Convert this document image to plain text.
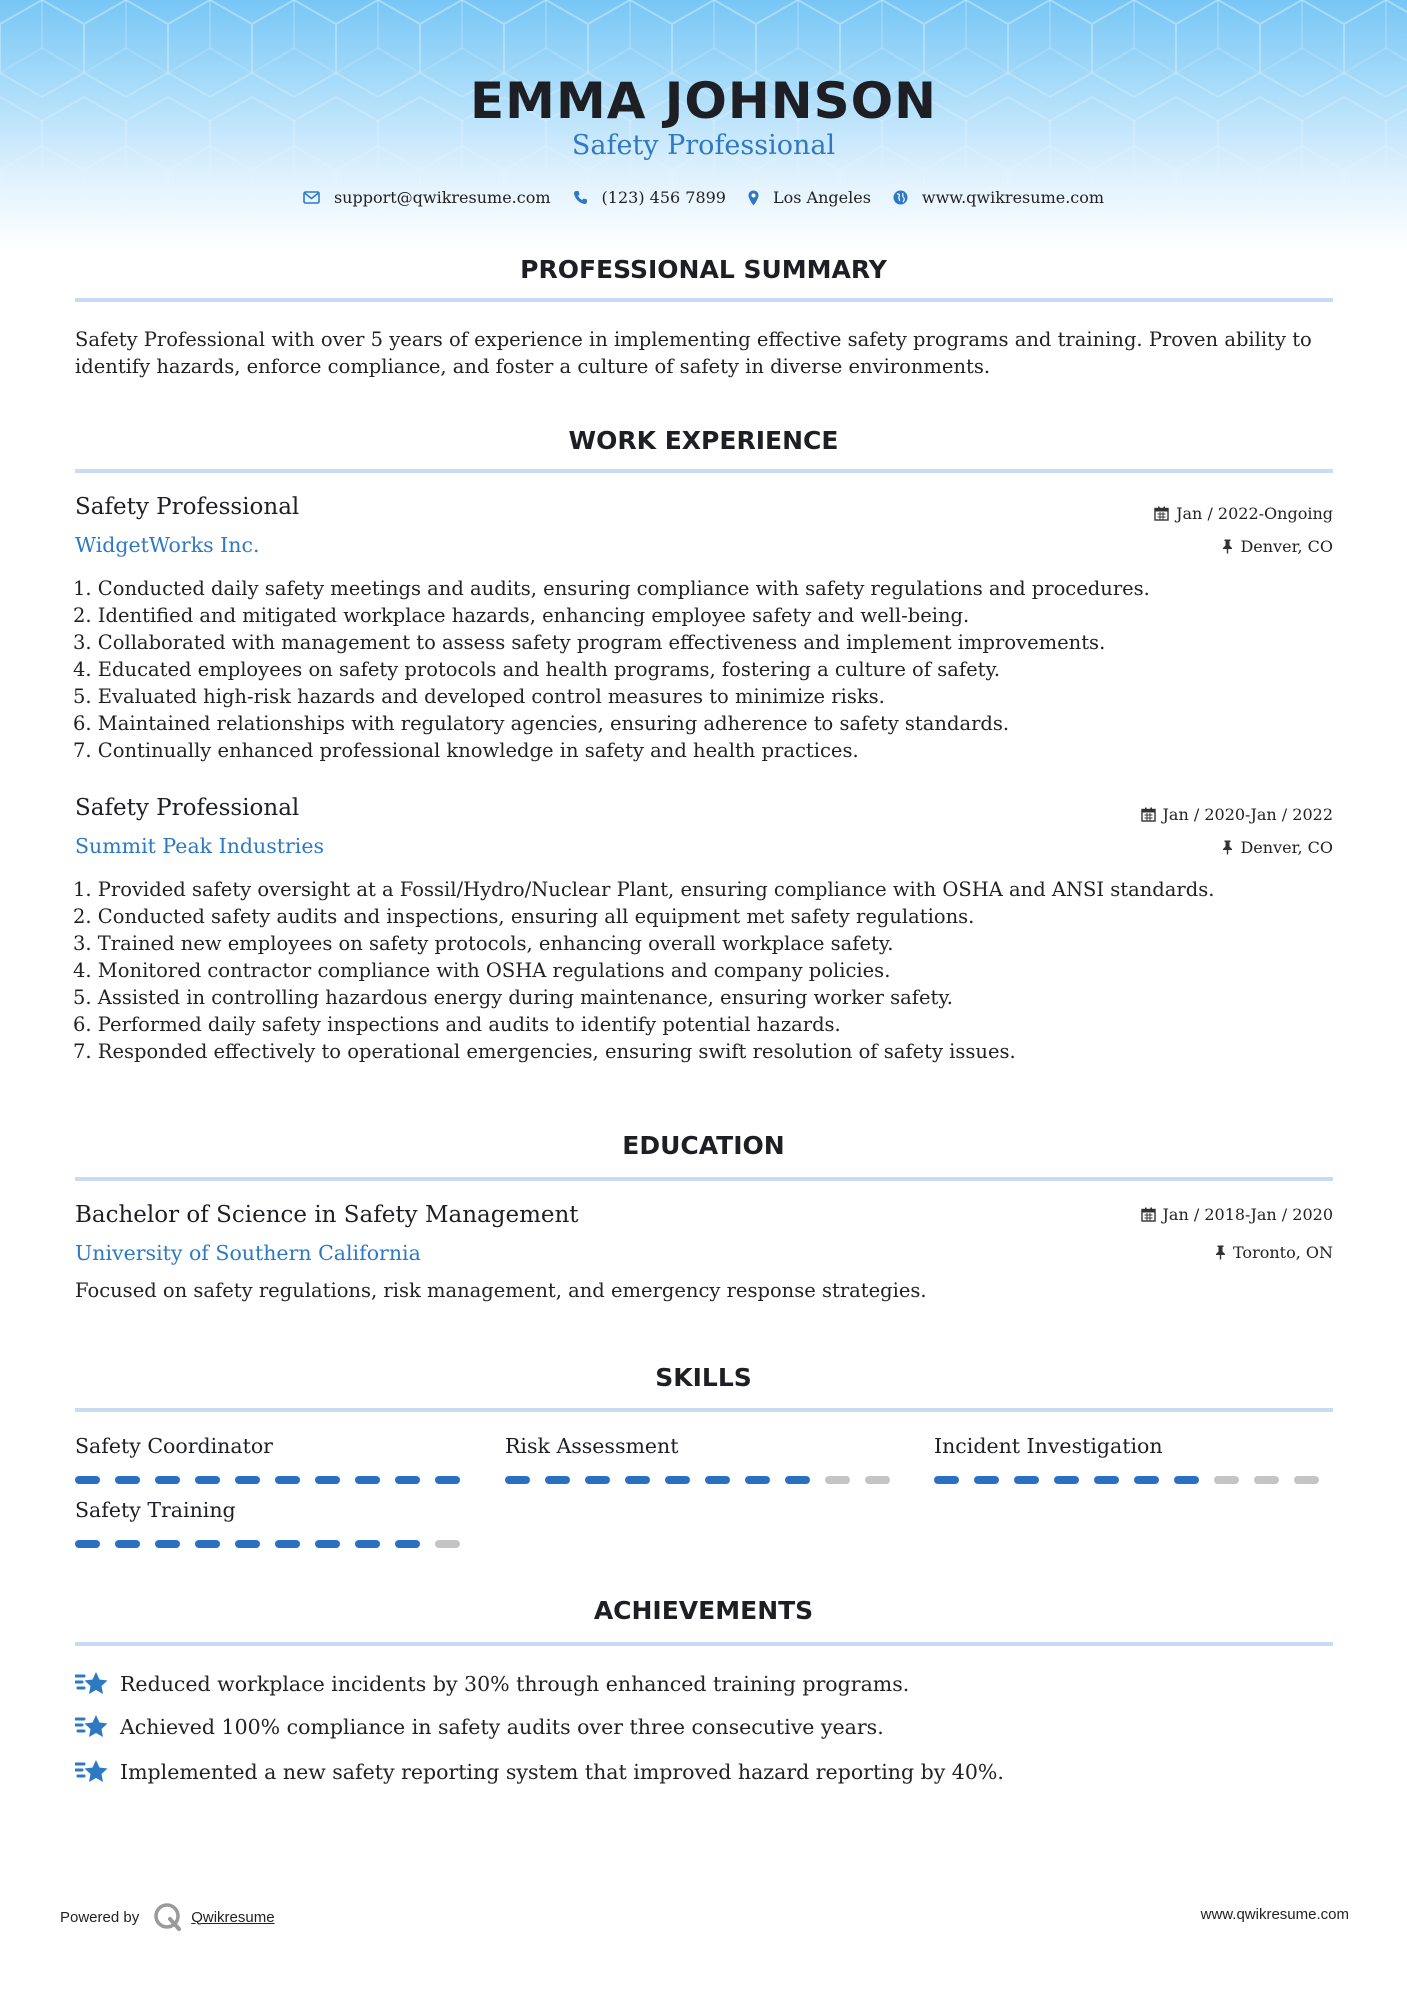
EMMA JOHNSON
Safety Professional
support@qwikresume.com	(123) 456 7899	Los Angeles	www.qwikresume.com
PROFESSIONAL SUMMARY
Safety Professional with over 5 years of experience in implementing effective safety programs and training. Proven ability to identify hazards, enforce compliance, and foster a culture of safety in diverse environments.
WORK EXPERIENCE
Safety Professional	Jan / 2022-Ongoing
WidgetWorks Inc.	Denver, CO
1. Conducted daily safety meetings and audits, ensuring compliance with safety regulations and procedures.
2. Identified and mitigated workplace hazards, enhancing employee safety and well-being.
3. Collaborated with management to assess safety program effectiveness and implement improvements.
4. Educated employees on safety protocols and health programs, fostering a culture of safety.
5. Evaluated high-risk hazards and developed control measures to minimize risks.
6. Maintained relationships with regulatory agencies, ensuring adherence to safety standards.
7. Continually enhanced professional knowledge in safety and health practices.
Safety Professional	Jan / 2020-Jan / 2022
Summit Peak Industries	Denver, CO
1. Provided safety oversight at a Fossil/Hydro/Nuclear Plant, ensuring compliance with OSHA and ANSI standards.
2. Conducted safety audits and inspections, ensuring all equipment met safety regulations.
3. Trained new employees on safety protocols, enhancing overall workplace safety.
4. Monitored contractor compliance with OSHA regulations and company policies.
5. Assisted in controlling hazardous energy during maintenance, ensuring worker safety.
6. Performed daily safety inspections and audits to identify potential hazards.
7. Responded effectively to operational emergencies, ensuring swift resolution of safety issues.
EDUCATION
Bachelor of Science in Safety Management	Jan / 2018-Jan / 2020
University of Southern California	Toronto, ON
Focused on safety regulations, risk management, and emergency response strategies.
SKILLS
Safety Coordinator	Risk Assessment	Incident Investigation
Safety Training
ACHIEVEMENTS
Reduced workplace incidents by 30% through enhanced training programs.
Achieved 100% compliance in safety audits over three consecutive years.
Implemented a new safety reporting system that improved hazard reporting by 40%.
Powered by	Qwikresume	www.qwikresume.com
